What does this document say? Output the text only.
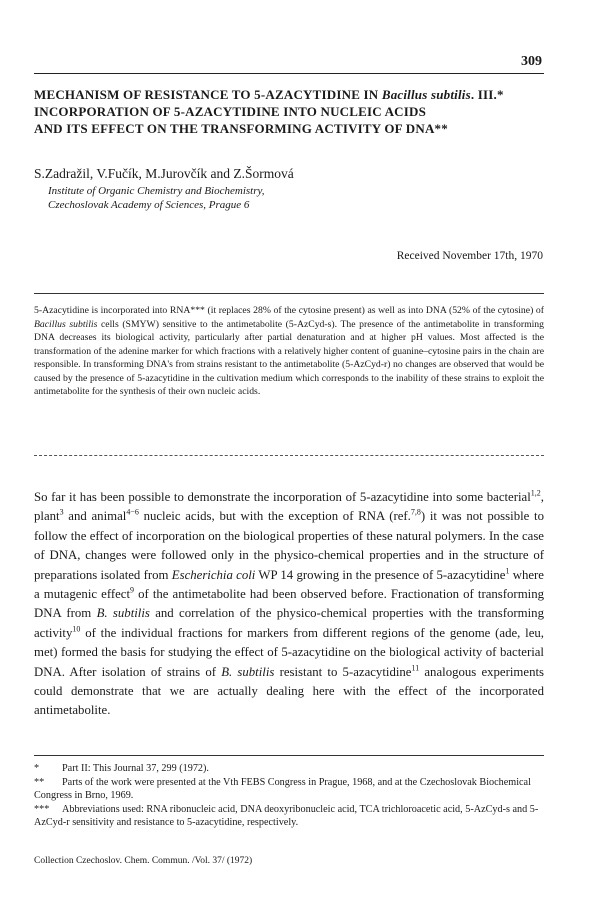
309
MECHANISM OF RESISTANCE TO 5-AZACYTIDINE IN Bacillus subtilis. III.*
INCORPORATION OF 5-AZACYTIDINE INTO NUCLEIC ACIDS
AND ITS EFFECT ON THE TRANSFORMING ACTIVITY OF DNA**
S.Zadražil, V.Fučík, M.Jurovčík and Z.Šormová
Institute of Organic Chemistry and Biochemistry,
Czechoslovak Academy of Sciences, Prague 6
Received November 17th, 1970
5-Azacytidine is incorporated into RNA*** (it replaces 28% of the cytosine present) as well as into DNA (52% of the cytosine) of Bacillus subtilis cells (SMYW) sensitive to the antimetabolite (5-AzCyd-s). The presence of the antimetabolite in transforming DNA decreases its biological activity, particularly after partial denaturation and at higher pH values. Most affected is the transformation of the adenine marker for which fractions with a relatively higher content of guanine–cytosine pairs in the chain are responsible. In transforming DNA's from strains resistant to the antimetabolite (5-AzCyd-r) no changes are observed that would be caused by the presence of 5-azacytidine in the cultivation medium which corresponds to the inability of these strains to exploit the antimetabolite for the synthesis of their own nucleic acids.
So far it has been possible to demonstrate the incorporation of 5-azacytidine into some bacterial$^{1,2}$, plant$^3$ and animal$^{4-6}$ nucleic acids, but with the exception of RNA (ref.$^{7,8}$) it was not possible to follow the effect of incorporation on the biological properties of these natural polymers. In the case of DNA, changes were followed only in the physico-chemical properties and in the structure of preparations isolated from Escherichia coli WP 14 growing in the presence of 5-azacytidine$^1$ where a mutagenic effect$^9$ of the antimetabolite had been observed before. Fractionation of transforming DNA from B. subtilis and correlation of the physico-chemical properties with the transforming activity$^{10}$ of the individual fractions for markers from different regions of the genome (ade, leu, met) formed the basis for studying the effect of 5-azacytidine on the biological activity of bacterial DNA. After isolation of strains of B. subtilis resistant to 5-azacytidine$^{11}$ analogous experiments could demonstrate that we are actually dealing here with the effect of the incorporated antimetabolite.
* Part II: This Journal 37, 299 (1972).
** Parts of the work were presented at the Vth FEBS Congress in Prague, 1968, and at the Czechoslovak Biochemical Congress in Brno, 1969.
*** Abbreviations used: RNA ribonucleic acid, DNA deoxyribonucleic acid, TCA trichloroacetic acid, 5-AzCyd-s and 5-AzCyd-r sensitivity and resistance to 5-azacytidine, respectively.
Collection Czechoslov. Chem. Commun. /Vol. 37/ (1972)
